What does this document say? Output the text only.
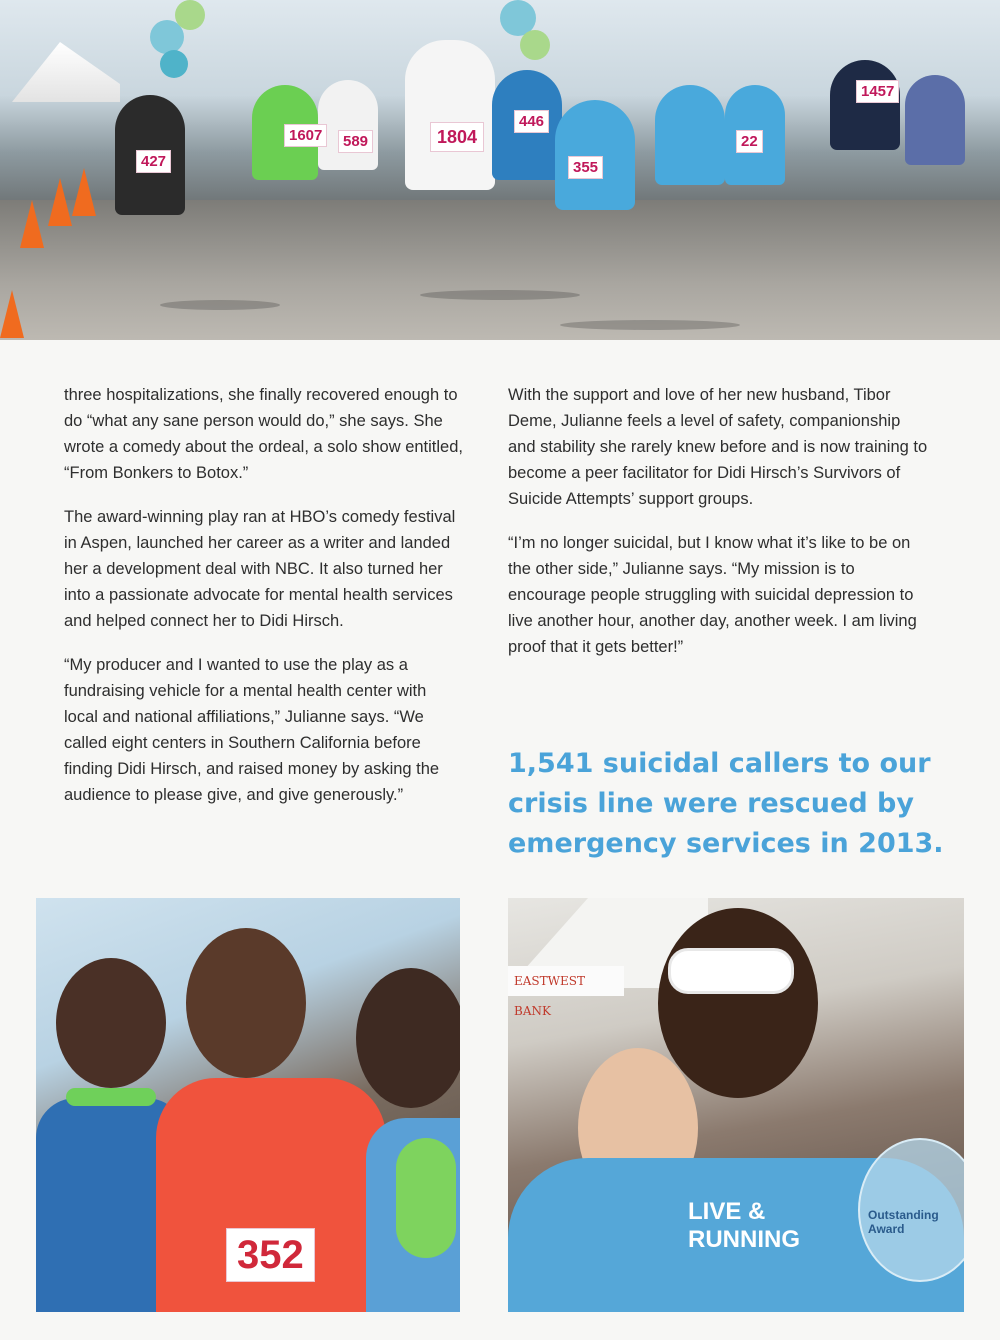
427
1607	589	1804
446
355
22
1457

three hospitalizations, she finally recovered enough to do “what any sane person would do,” she says. She wrote a comedy about the ordeal, a solo show entitled, “From Bonkers to Botox.”

The award-winning play ran at HBO’s comedy festival in Aspen, launched her career as a writer and landed her a development deal with NBC. It also turned her into a passionate advocate for mental health services and helped connect her to Didi Hirsch.

“My producer and I wanted to use the play as a fundraising vehicle for a mental health center with local and national affiliations,” Julianne says. “We called eight centers in Southern California before finding Didi Hirsch, and raised money by asking the audience to please give, and give generously.”

With the support and love of her new husband, Tibor Deme, Julianne feels a level of safety, companionship and stability she rarely knew before and is now training to become a peer facilitator for Didi Hirsch’s Survivors of Suicide Attempts’ support groups.

“I’m no longer suicidal, but I know what it’s like to be on the other side,” Julianne says. “My mission is to encourage people struggling with suicidal depression to live another hour, another day, another week. I am living proof that it gets better!”

1,541 suicidal callers to our crisis line were rescued by emergency services in 2013.
352
EASTWEST BANK
LIVE & RUNNING
Outstanding Award
